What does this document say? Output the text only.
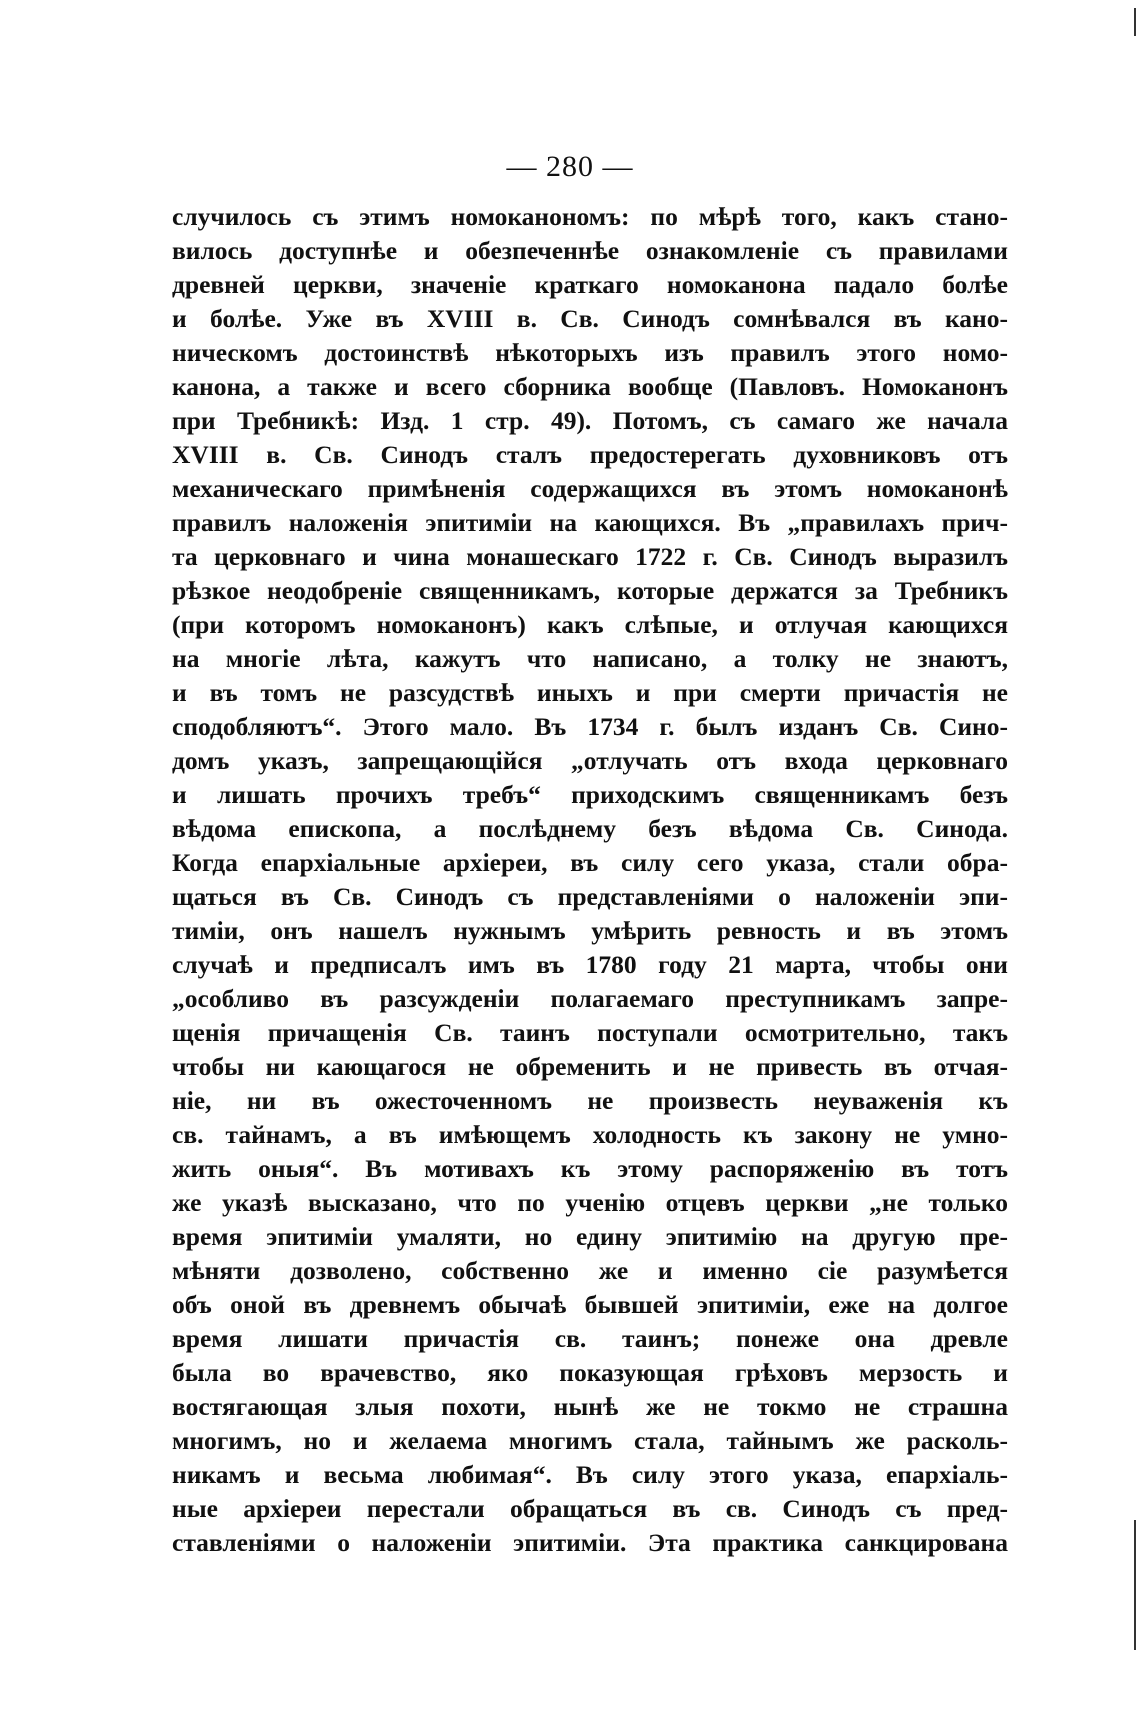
— 280 —
случилось съ этимъ номоканономъ: по мѣрѣ того, какъ стано-
вилось доступнѣе и обезпеченнѣе ознакомленіе съ правилами
древней церкви, значеніе краткаго номоканона падало болѣе
и болѣе. Уже въ XVIII в. Св. Синодъ сомнѣвался въ кано-
ническомъ достоинствѣ нѣкоторыхъ изъ правилъ этого номо-
канона, а также и всего сборника вообще (Павловъ. Номоканонъ
при Требникѣ: Изд. 1 стр. 49). Потомъ, съ самаго же начала
XVIII в. Св. Синодъ сталъ предостерегать духовниковъ отъ
механическаго примѣненія содержащихся въ этомъ номоканонѣ
правилъ наложенія эпитиміи на кающихся. Въ „правилахъ прич-
та церковнаго и чина монашескаго 1722 г. Св. Синодъ выразилъ
рѣзкое неодобреніе священникамъ, которые держатся за Требникъ
(при которомъ номоканонъ) какъ слѣпые, и отлучая кающихся
на многіе лѣта, кажутъ что написано, а толку не знаютъ,
и въ томъ не разсудствѣ иныхъ и при смерти причастія не
сподобляютъ“. Этого мало. Въ 1734 г. былъ изданъ Св. Сино-
домъ указъ, запрещающійся „отлучать отъ входа церковнаго
и лишать прочихъ требъ“ приходскимъ священникамъ безъ
вѣдома епископа, а послѣднему безъ вѣдома Св. Синода.
Когда епархіальные архіереи, въ силу сего указа, стали обра-
щаться въ Св. Синодъ съ представленіями о наложеніи эпи-
тиміи, онъ нашелъ нужнымъ умѣрить ревность и въ этомъ
случаѣ и предписалъ имъ въ 1780 году 21 марта, чтобы они
„особливо въ разсужденіи полагаемаго преступникамъ запре-
щенія причащенія Св. таинъ поступали осмотрительно, такъ
чтобы ни кающагося не обременить и не привесть въ отчая-
ніе, ни въ ожесточенномъ не произвесть неуваженія къ
св. тайнамъ, а въ имѣющемъ холодность къ закону не умно-
жить оныя“. Въ мотивахъ къ этому распоряженію въ тотъ
же указѣ высказано, что по ученію отцевъ церкви „не только
время эпитиміи умаляти, но едину эпитимію на другую пре-
мѣняти дозволено, собственно же и именно сіе разумѣется
объ оной въ древнемъ обычаѣ бывшей эпитиміи, еже на долгое
время лишати причастія св. таинъ; понеже она древле
была во врачевство, яко показующая грѣховъ мерзость и
востягающая злыя похоти, нынѣ же не токмо не страшна
многимъ, но и желаема многимъ стала, тайнымъ же расколь-
никамъ и весьма любимая“. Въ силу этого указа, епархіаль-
ные архіереи перестали обращаться въ св. Синодъ съ пред-
ставленіями о наложеніи эпитиміи. Эта практика санкцирована
